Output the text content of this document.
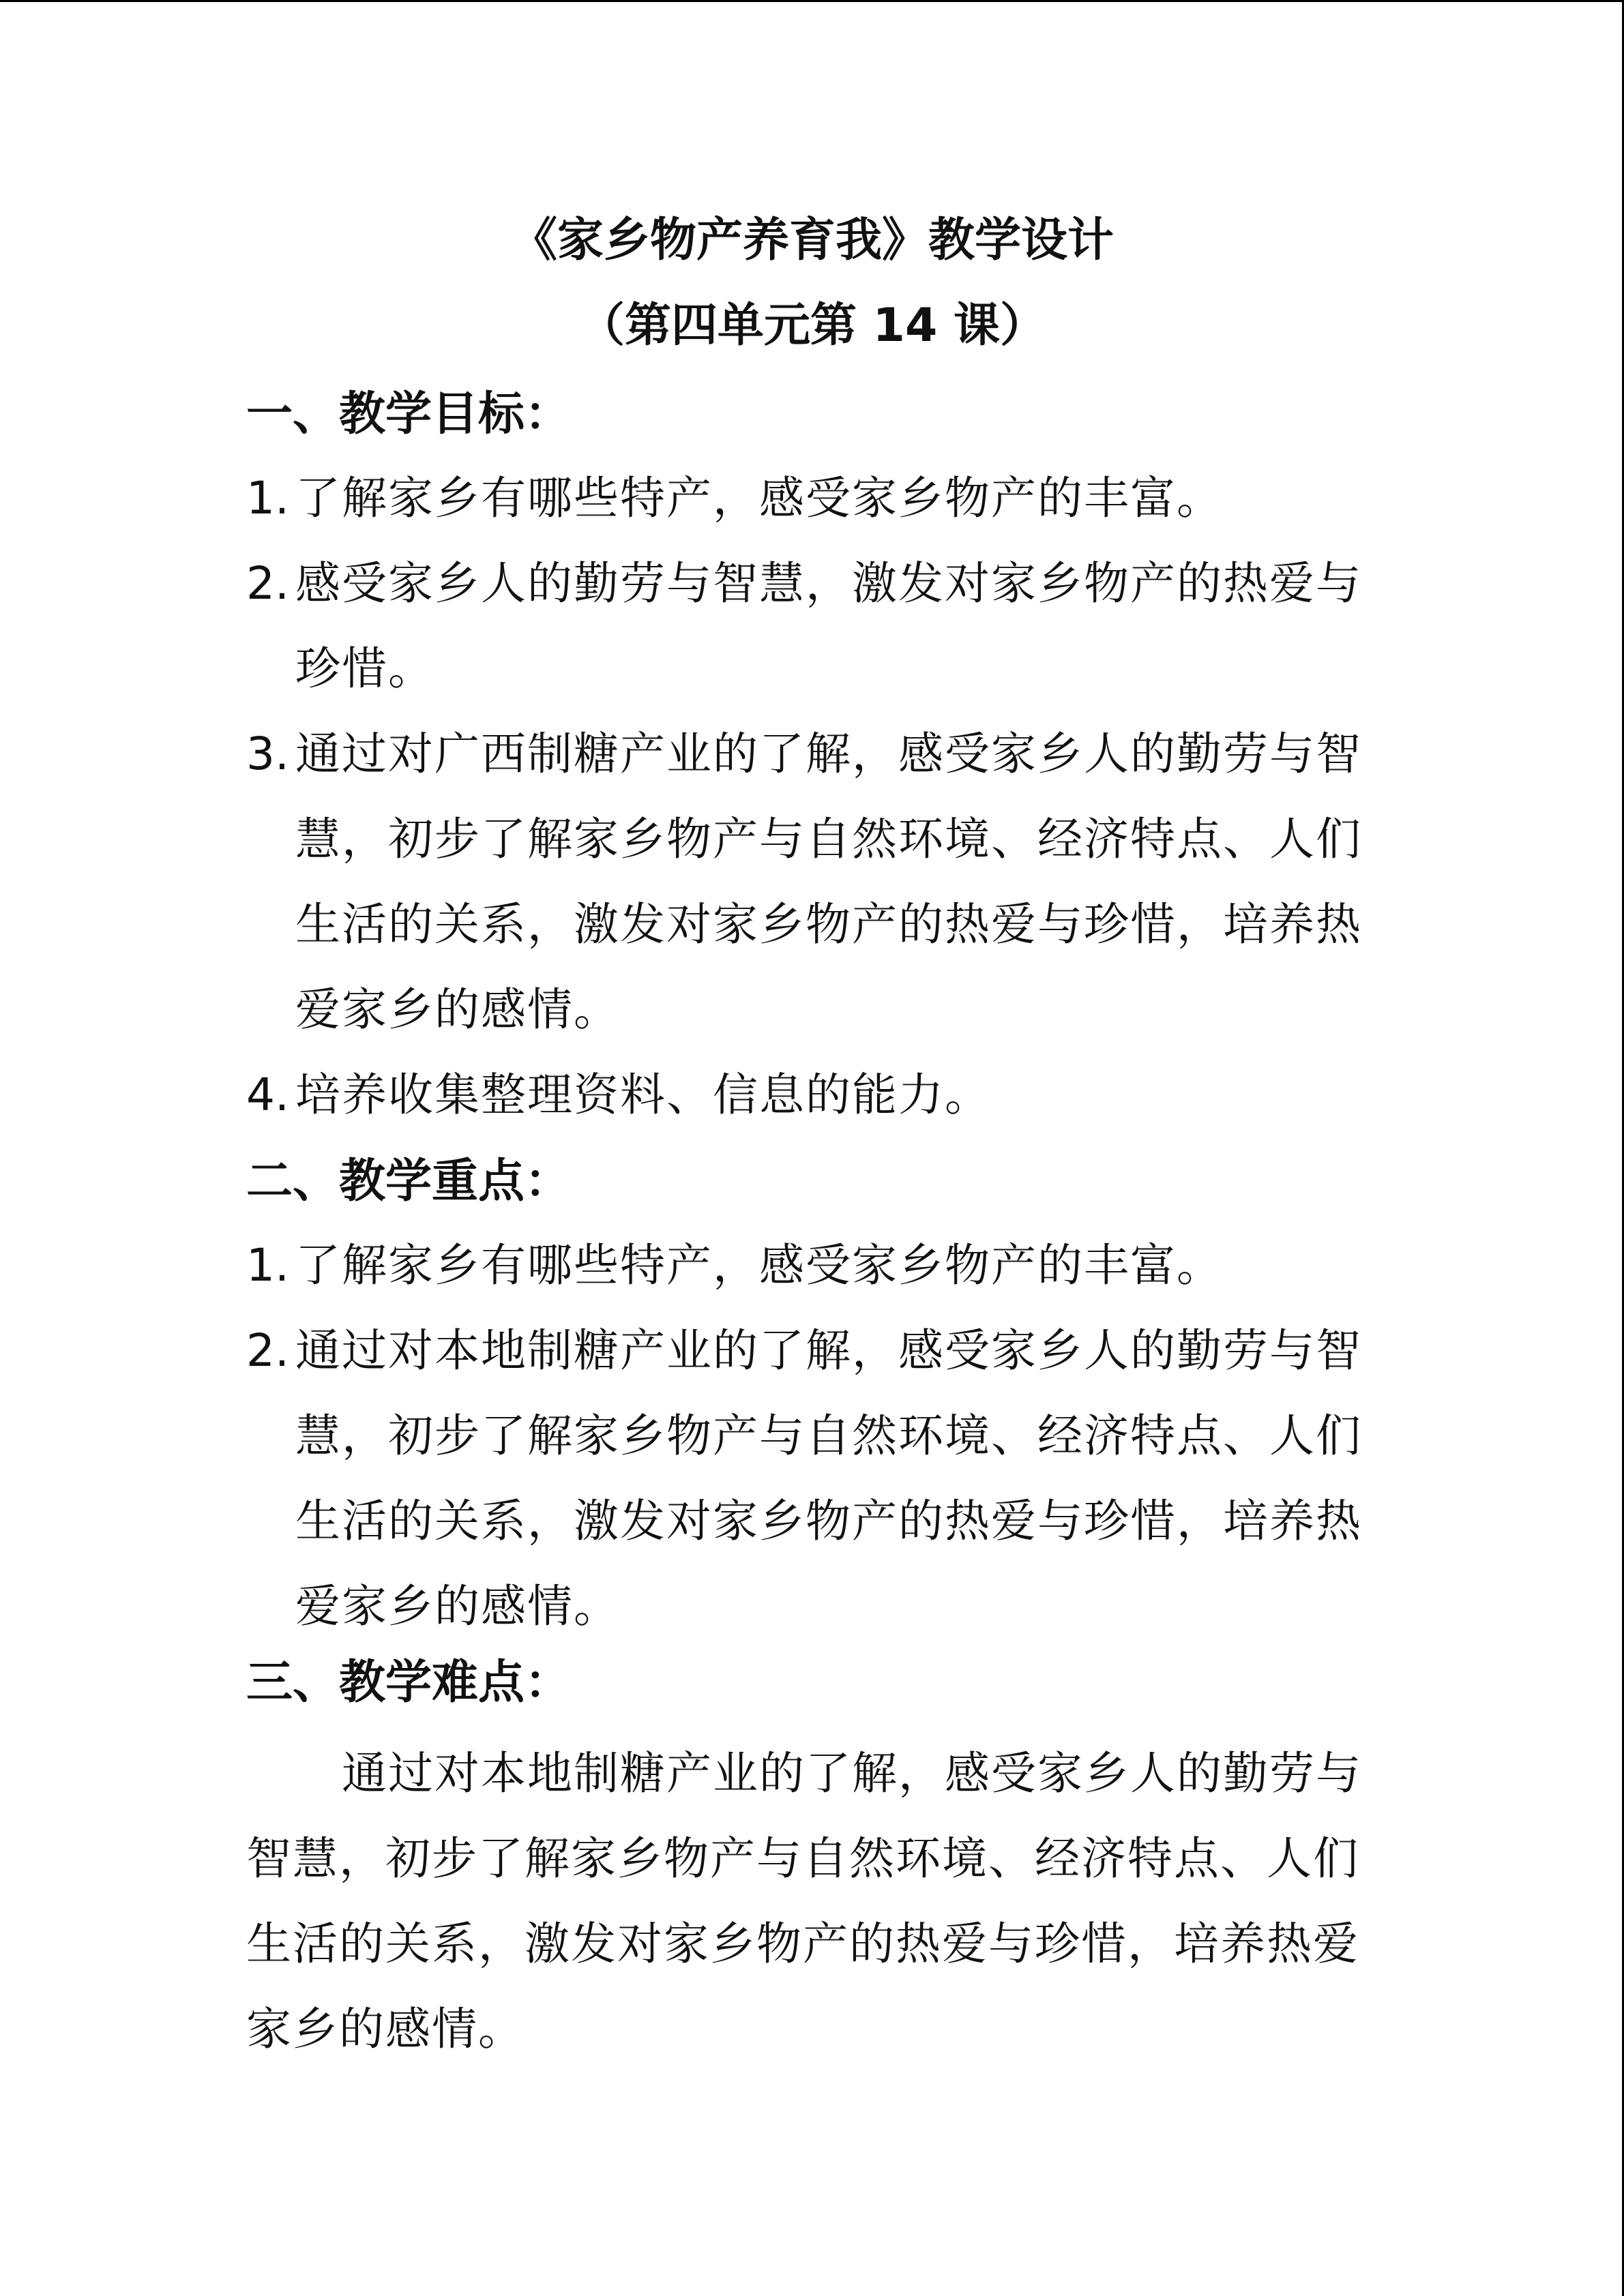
《家乡物产养育我》教学设计
（第四单元第 14 课）
一、教学目标：
1. 了解家乡有哪些特产，感受家乡物产的丰富。
2. 感受家乡人的勤劳与智慧，激发对家乡物产的热爱与珍惜。
3. 通过对广西制糖产业的了解，感受家乡人的勤劳与智慧，初步了解家乡物产与自然环境、经济特点、人们生活的关系，激发对家乡物产的热爱与珍惜，培养热爱家乡的感情。
4. 培养收集整理资料、信息的能力。
二、教学重点：
1. 了解家乡有哪些特产，感受家乡物产的丰富。
2. 通过对本地制糖产业的了解，感受家乡人的勤劳与智慧，初步了解家乡物产与自然环境、经济特点、人们生活的关系，激发对家乡物产的热爱与珍惜，培养热爱家乡的感情。
三、教学难点：
通过对本地制糖产业的了解，感受家乡人的勤劳与智慧，初步了解家乡物产与自然环境、经济特点、人们生活的关系，激发对家乡物产的热爱与珍惜，培养热爱家乡的感情。
